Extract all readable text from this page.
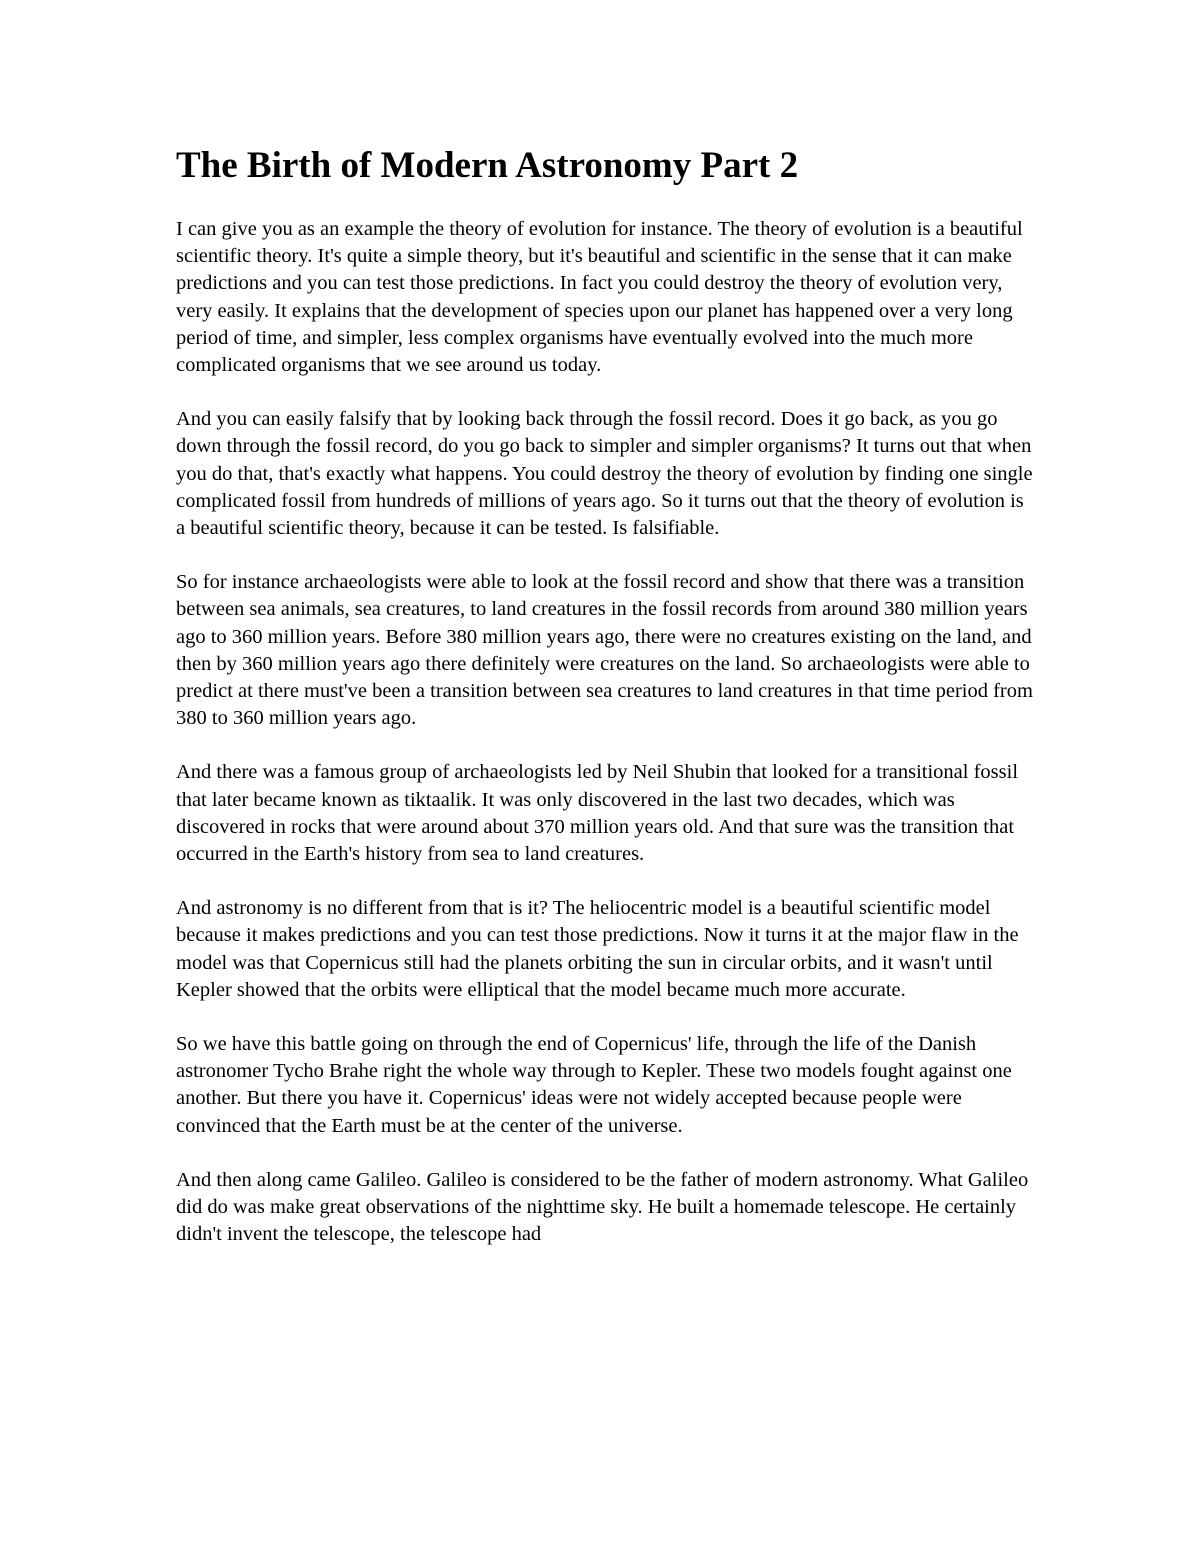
The Birth of Modern Astronomy Part 2

I can give you as an example the theory of evolution for instance. The theory of evolution is a beautiful scientific theory. It's quite a simple theory, but it's beautiful and scientific in the sense that it can make predictions and you can test those predictions. In fact you could destroy the theory of evolution very, very easily. It explains that the development of species upon our planet has happened over a very long period of time, and simpler, less complex organisms have eventually evolved into the much more complicated organisms that we see around us today.

And you can easily falsify that by looking back through the fossil record. Does it go back, as you go down through the fossil record, do you go back to simpler and simpler organisms? It turns out that when you do that, that's exactly what happens. You could destroy the theory of evolution by finding one single complicated fossil from hundreds of millions of years ago. So it turns out that the theory of evolution is a beautiful scientific theory, because it can be tested. Is falsifiable.

So for instance archaeologists were able to look at the fossil record and show that there was a transition between sea animals, sea creatures, to land creatures in the fossil records from around 380 million years ago to 360 million years. Before 380 million years ago, there were no creatures existing on the land, and then by 360 million years ago there definitely were creatures on the land. So archaeologists were able to predict at there must've been a transition between sea creatures to land creatures in that time period from 380 to 360 million years ago.

And there was a famous group of archaeologists led by Neil Shubin that looked for a transitional fossil that later became known as tiktaalik. It was only discovered in the last two decades, which was discovered in rocks that were around about 370 million years old. And that sure was the transition that occurred in the Earth's history from sea to land creatures.

And astronomy is no different from that is it? The heliocentric model is a beautiful scientific model because it makes predictions and you can test those predictions. Now it turns it at the major flaw in the model was that Copernicus still had the planets orbiting the sun in circular orbits, and it wasn't until Kepler showed that the orbits were elliptical that the model became much more accurate.

So we have this battle going on through the end of Copernicus' life, through the life of the Danish astronomer Tycho Brahe right the whole way through to Kepler. These two models fought against one another. But there you have it. Copernicus' ideas were not widely accepted because people were convinced that the Earth must be at the center of the universe.

And then along came Galileo. Galileo is considered to be the father of modern astronomy. What Galileo did do was make great observations of the nighttime sky. He built a homemade telescope. He certainly didn't invent the telescope, the telescope had
